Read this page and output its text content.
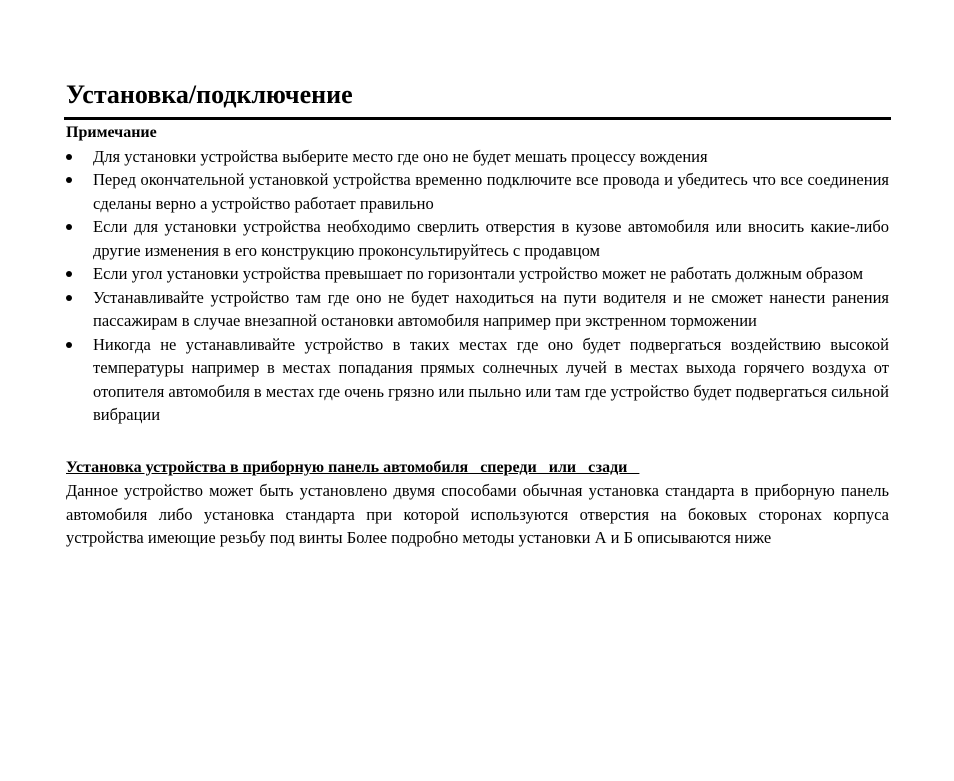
Установка/подключение

Примечание

Для установки устройства выберите место где оно не будет мешать процессу вождения
Перед окончательной установкой устройства временно подключите все провода и убедитесь что все соединения сделаны верно а устройство работает правильно
Если для установки устройства необходимо сверлить отверстия в кузове автомобиля или вносить какие-либо другие изменения в его конструкцию проконсультируйтесь с продавцом
Если угол установки устройства превышает по горизонтали устройство может не работать должным образом
Устанавливайте устройство там где оно не будет находиться на пути водителя и не сможет нанести ранения пассажирам в случае внезапной остановки автомобиля например при экстренном торможении
Никогда не устанавливайте устройство в таких местах где оно будет подвергаться воздействию высокой температуры например в местах попадания прямых солнечных лучей в местах выхода горячего воздуха от отопителя автомобиля в местах где очень грязно или пыльно или там где устройство будет подвергаться сильной вибрации
Установка устройства в приборную панель автомобиля   спереди   или   сзади

Данное устройство может быть установлено двумя способами обычная установка стандарта в приборную панель автомобиля либо установка стандарта при которой используются отверстия на боковых сторонах корпуса устройства имеющие резьбу под винты Более подробно методы установки А и Б описываются ниже
